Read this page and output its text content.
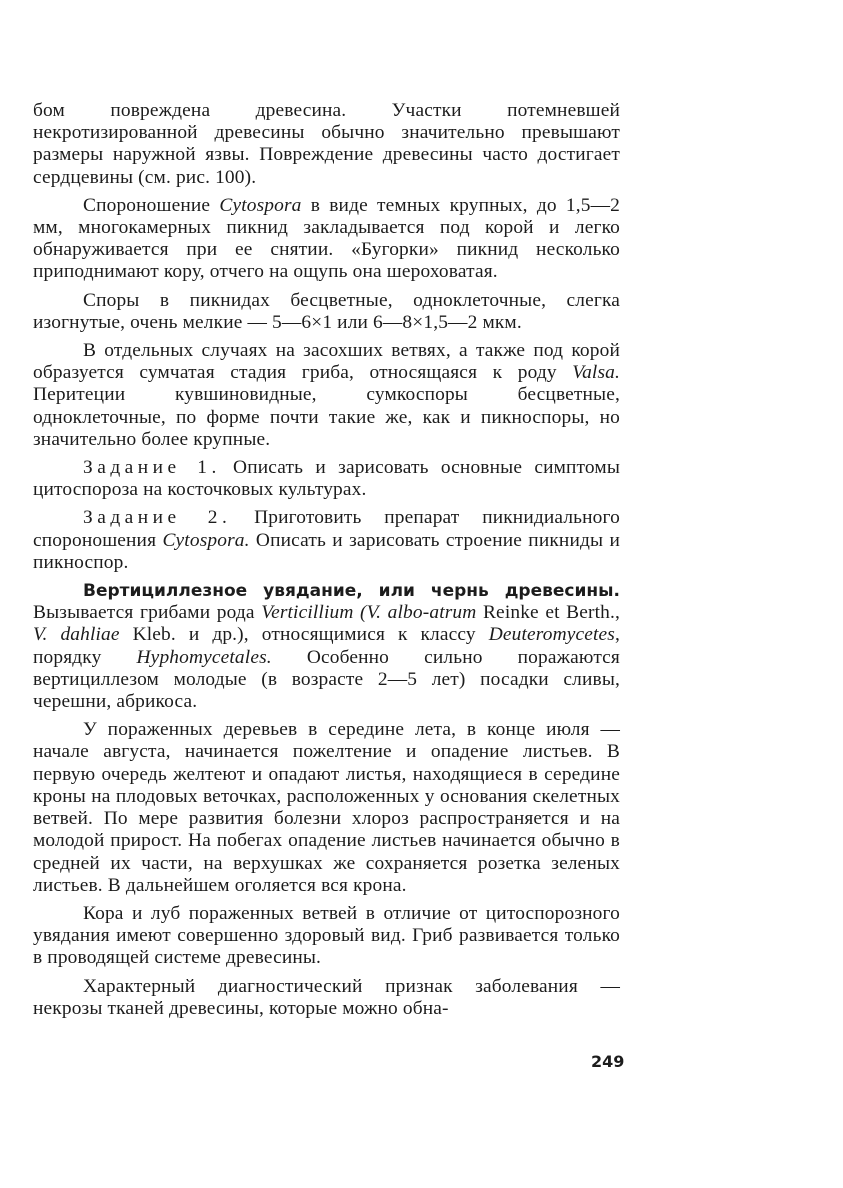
бом повреждена древесина. Участки потемневшей некротизированной древесины обычно значительно превышают размеры наружной язвы. Повреждение древесины часто достигает сердцевины (см. рис. 100).

Спороношение Cytospora в виде темных крупных, до 1,5—2 мм, многокамерных пикнид закладывается под корой и легко обнаруживается при ее снятии. «Бугорки» пикнид несколько приподнимают кору, отчего на ощупь она шероховатая.

Споры в пикнидах бесцветные, одноклеточные, слегка изогнутые, очень мелкие — 5—6×1 или 6—8×1,5—2 мкм.

В отдельных случаях на засохших ветвях, а также под корой образуется сумчатая стадия гриба, относящаяся к роду Valsa. Перитеции кувшиновидные, сумкоспоры бесцветные, одноклеточные, по форме почти такие же, как и пикноспоры, но значительно более крупные.

Задание 1. Описать и зарисовать основные симптомы цитоспороза на косточковых культурах.

Задание 2. Приготовить препарат пикнидиального спороношения Cytospora. Описать и зарисовать строение пикниды и пикноспор.

Вертициллезное увядание, или чернь древесины. Вызывается грибами рода Verticillium (V. albo-atrum Reinke et Berth., V. dahliae Kleb. и др.), относящимися к классу Deuteromycetes, порядку Hyphomycetales. Особенно сильно поражаются вертициллезом молодые (в возрасте 2—5 лет) посадки сливы, черешни, абрикоса.

У пораженных деревьев в середине лета, в конце июля — начале августа, начинается пожелтение и опадение листьев. В первую очередь желтеют и опадают листья, находящиеся в середине кроны на плодовых веточках, расположенных у основания скелетных ветвей. По мере развития болезни хлороз распространяется и на молодой прирост. На побегах опадение листьев начинается обычно в средней их части, на верхушках же сохраняется розетка зеленых листьев. В дальнейшем оголяется вся крона.

Кора и луб пораженных ветвей в отличие от цитоспорозного увядания имеют совершенно здоровый вид. Гриб развивается только в проводящей системе древесины.

Характерный диагностический признак заболевания — некрозы тканей древесины, которые можно обна-

249
